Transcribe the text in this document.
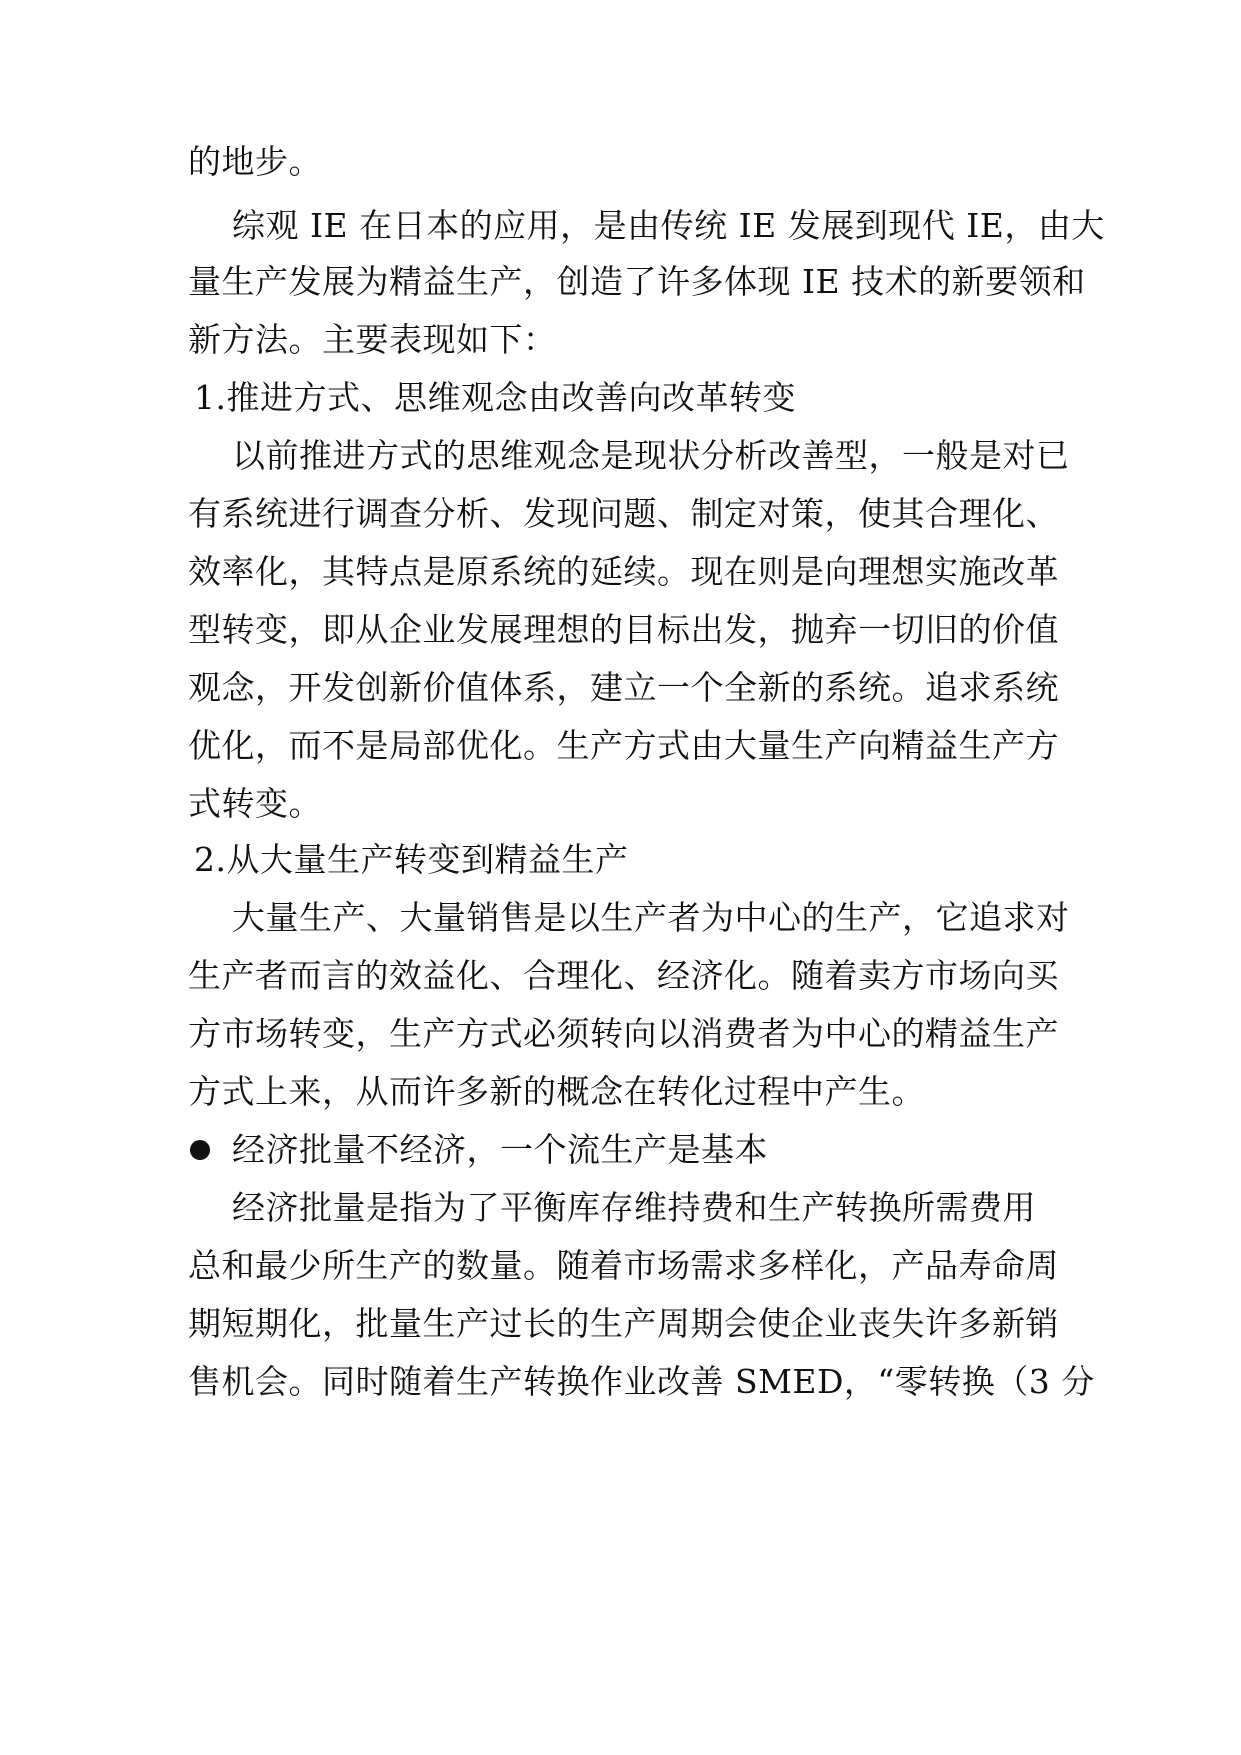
的地步。
综观 IE 在日本的应用，是由传统 IE 发展到现代 IE，由大
量生产发展为精益生产，创造了许多体现 IE 技术的新要领和
新方法。主要表现如下：
1.推进方式、思维观念由改善向改革转变
以前推进方式的思维观念是现状分析改善型，一般是对已
有系统进行调查分析、发现问题、制定对策，使其合理化、
效率化，其特点是原系统的延续。现在则是向理想实施改革
型转变，即从企业发展理想的目标出发，抛弃一切旧的价值
观念，开发创新价值体系，建立一个全新的系统。追求系统
优化，而不是局部优化。生产方式由大量生产向精益生产方
式转变。
2.从大量生产转变到精益生产
大量生产、大量销售是以生产者为中心的生产，它追求对
生产者而言的效益化、合理化、经济化。随着卖方市场向买
方市场转变，生产方式必须转向以消费者为中心的精益生产
方式上来，从而许多新的概念在转化过程中产生。
经济批量不经济，一个流生产是基本
经济批量是指为了平衡库存维持费和生产转换所需费用
总和最少所生产的数量。随着市场需求多样化，产品寿命周
期短期化，批量生产过长的生产周期会使企业丧失许多新销
售机会。同时随着生产转换作业改善 SMED，“零转换（3 分
